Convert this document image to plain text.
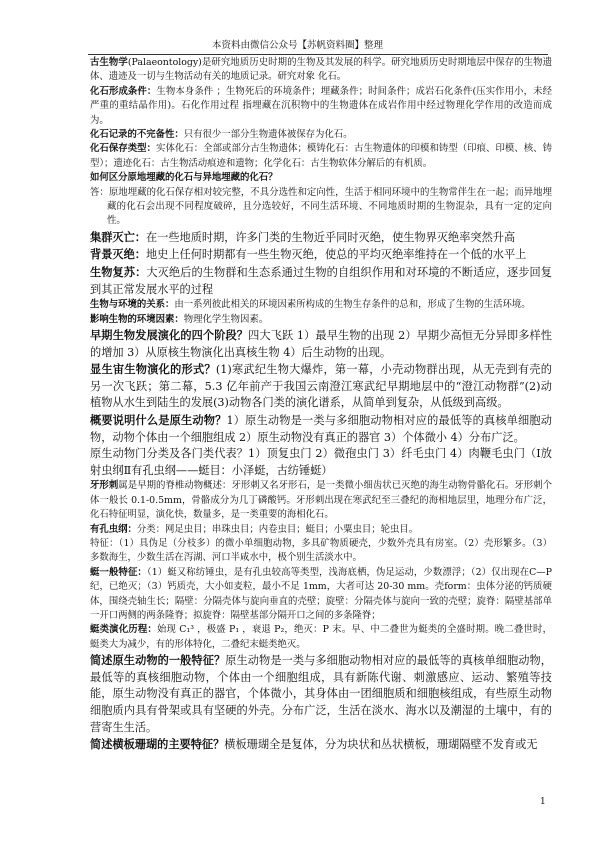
本资料由微信公众号【苏帆资料圈】整理

古生物学(Palaeontology)是研究地质历史时期的生物及其发展的科学。研究地质历史时期地层中保存的生物遗体、遗迹及一切与生物活动有关的地质记录。研究对象 化石。

化石形成条件：生物本身条件 ；生物死后的环境条件；埋藏条件；时间条件；成岩石化条件(压实作用小，未经严重的重结晶作用)。石化作用过程 指埋藏在沉积物中的生物遗体在成岩作用中经过物理化学作用的改造而成为。

化石记录的不完备性：只有很少一部分生物遗体被保存为化石。

化石保存类型：实体化石：全部或部分古生物遗体；模铸化石：古生物遗体的印模和铸型（印痕、印模、核、铸型）；遗迹化石：古生物活动痕迹和遗物；化学化石：古生物软体分解后的有机质。

如何区分原地埋藏的化石与异地埋藏的化石？

答：原地埋藏的化石保存相对较完整，不具分选性和定向性，生活于相同环境中的生物常伴生在一起；而异地埋藏的化石会出现不同程度破碎，且分选较好，不同生活环境、不同地质时期的生物混杂，具有一定的定向性。

集群灭亡：在一些地质时期，许多门类的生物近乎同时灭绝，使生物界灭绝率突然升高

背景灭绝：地史上任何时期都有一些生物灭绝，使总的平均灭绝率维持在一个低的水平上

生物复苏：大灭绝后的生物群和生态系通过生物的自组织作用和对环境的不断适应，逐步回复到其正常发展水平的过程

生物与环境的关系：由一系列彼此相关的环境因素所构成的生物生存条件的总和，形成了生物的生活环境。

影响生物的环境因素：物理化学生物因素。

早期生物发展演化的四个阶段？四大飞跃 1）最早生物的出现 2）早期少高恒无分异即多样性的增加 3）从原核生物演化出真核生物 4）后生动物的出现。

显生宙生物演化的形式？(1)寒武纪生物大爆炸，第一幕，小壳动物群出现，从无壳到有壳的另一次飞跃；第二幕，5.3 亿年前产于我国云南澄江寒武纪早期地层中的“澄江动物群”(2)动植物从水生到陆生的发展(3)动物各门类的演化谱系，从简单到复杂，从低级到高级。

概要说明什么是原生动物？1）原生动物是一类与多细胞动物相对应的最低等的真核单细胞动物，动物个体由一个细胞组成 2）原生动物没有真正的器官 3）个体微小 4）分布广泛。

原生动物门分类及各门类代表？1）顶复虫门 2）微孢虫门 3）纤毛虫门 4）肉鞭毛虫门（Ⅰ放射虫纲Ⅱ有孔虫纲——蜓目：小泽蜓，古纺锤蜓）

牙形刺属是早期的脊椎动物概述：牙形刺又名牙形石，是一类微小细齿状已灭绝的海生动物骨骼化石。牙形刺个体一般长 0.1-0.5mm，骨骼成分为几丁磷酸钙。牙形刺出现在寒武纪至三叠纪的海相地层里，地理分布广泛，化石特征明显，演化快，数量多，是一类重要的海相化石。

有孔虫纲：分类：网足虫目；串珠虫目；内卷虫目；蜓目；小粟虫目；轮虫目。

特征：（1）具伪足（分枝多）的微小单细胞动物，多具矿物质硬壳，少数外壳具有房室。（2）壳形繁多。（3）多数海生，少数生活在泻湖、河口半咸水中，极个别生活淡水中。

蜓一般特征：（1）蜓又称纺锤虫，是有孔虫较高等类型，浅海底栖，伪足运动，少数漂浮；（2）仅出现在C—P 纪，已绝灭；（3）钙质壳，大小如麦粒，最小不足 1mm，大者可达 20-30 mm。壳form：虫体分泌的钙质硬体，围绕壳轴生长；隔壁：分隔壳体与旋向垂直的壳壁；旋壁：分隔壳体与旋向一致的壳壁；旋脊：隔壁基部单一开口两侧的两条隆脊；拟旋脊：隔壁基部分隔开口之间的多条隆脊；

蜓类演化历程：始现 C₁³ ，极盛 P₁ ，衰退 P₂，绝灭：P 末。早、中二叠世为蜓类的全盛时期。晚二叠世时，蜓类大为减少，有的形体特化，二叠纪末蜓类绝灭。

简述原生动物的一般特征？原生动物是一类与多细胞动物相对应的最低等的真核单细胞动物，最低等的真核细胞动物，个体由一个细胞组成，具有新陈代谢、刺激感应、运动、繁殖等技能，原生动物没有真正的器官，个体微小，其身体由一团细胞质和细胞核组成，有些原生动物细胞质内具有骨架或具有坚硬的外壳。分布广泛，生活在淡水、海水以及潮湿的土壤中，有的营寄生生活。

简述横板珊瑚的主要特征？横板珊瑚全是复体，分为块状和丛状横板，珊瑚隔壁不发育或无

1
